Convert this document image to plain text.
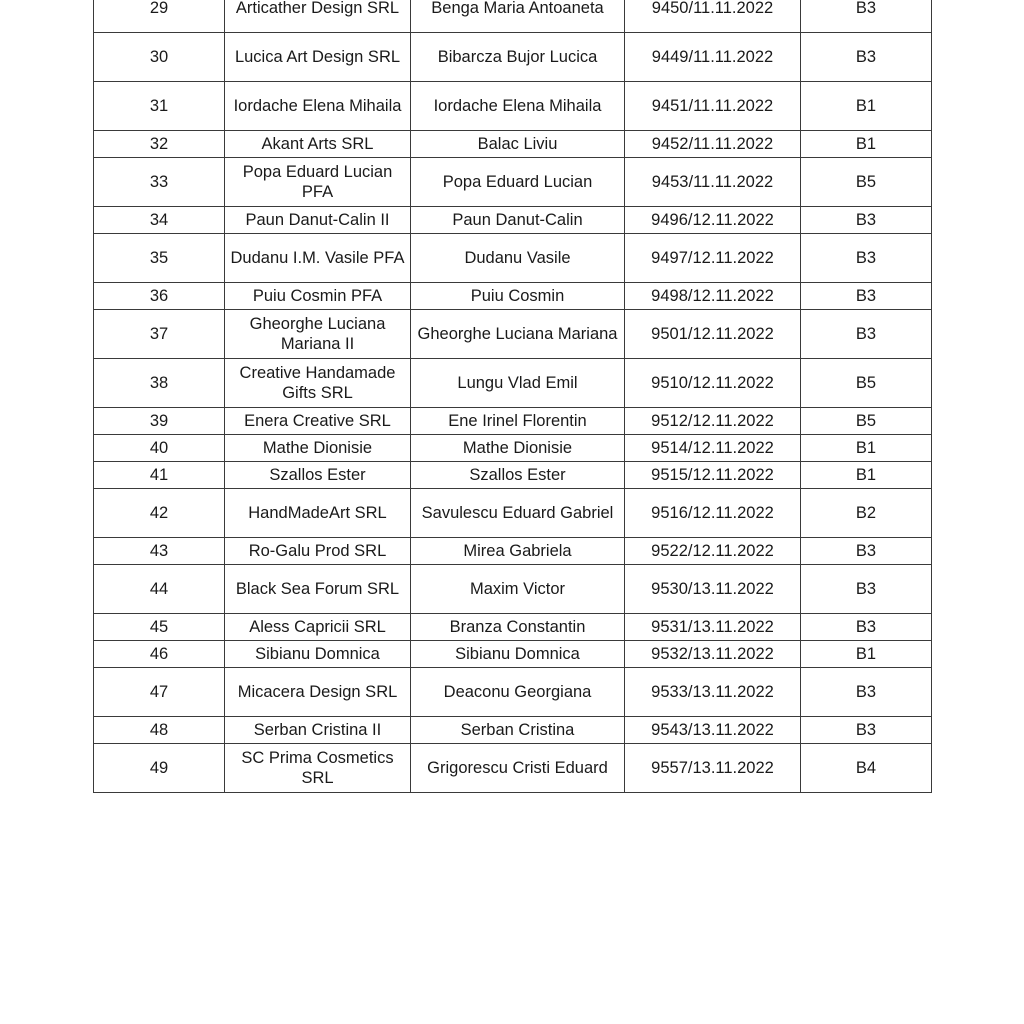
29	Articather Design SRL	Benga Maria Antoaneta	9450/11.11.2022	B3
30	Lucica Art Design SRL	Bibarcza Bujor Lucica	9449/11.11.2022	B3
31	Iordache Elena Mihaila	Iordache Elena Mihaila	9451/11.11.2022	B1
32	Akant Arts SRL	Balac Liviu	9452/11.11.2022	B1
33	Popa Eduard Lucian PFA	Popa Eduard Lucian	9453/11.11.2022	B5
34	Paun Danut-Calin II	Paun Danut-Calin	9496/12.11.2022	B3
35	Dudanu I.M. Vasile PFA	Dudanu Vasile	9497/12.11.2022	B3
36	Puiu Cosmin PFA	Puiu Cosmin	9498/12.11.2022	B3
37	Gheorghe Luciana Mariana II	Gheorghe Luciana Mariana	9501/12.11.2022	B3
38	Creative Handamade Gifts SRL	Lungu Vlad Emil	9510/12.11.2022	B5
39	Enera Creative SRL	Ene Irinel Florentin	9512/12.11.2022	B5
40	Mathe Dionisie	Mathe Dionisie	9514/12.11.2022	B1
41	Szallos Ester	Szallos Ester	9515/12.11.2022	B1
42	HandMadeArt SRL	Savulescu Eduard Gabriel	9516/12.11.2022	B2
43	Ro-Galu Prod SRL	Mirea Gabriela	9522/12.11.2022	B3
44	Black Sea Forum SRL	Maxim Victor	9530/13.11.2022	B3
45	Aless Capricii SRL	Branza Constantin	9531/13.11.2022	B3
46	Sibianu Domnica	Sibianu Domnica	9532/13.11.2022	B1
47	Micacera Design SRL	Deaconu Georgiana	9533/13.11.2022	B3
48	Serban Cristina II	Serban Cristina	9543/13.11.2022	B3
49	SC Prima Cosmetics SRL	Grigorescu Cristi Eduard	9557/13.11.2022	B4
